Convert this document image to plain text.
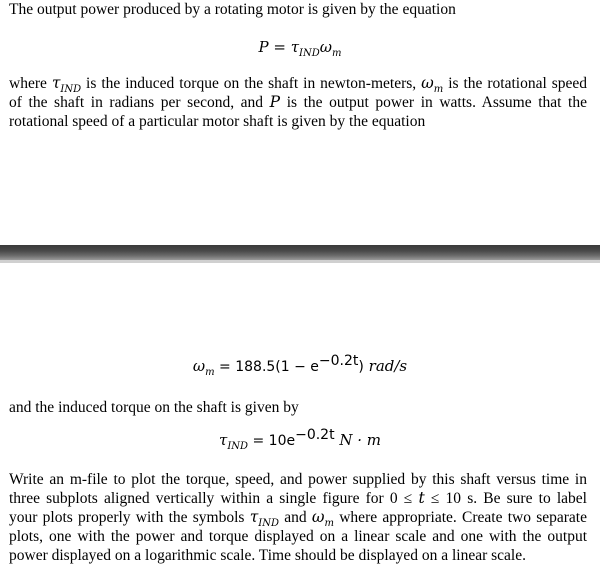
The output power produced by a rotating motor is given by the equation

$P = \tau_{IND}\omega_m$

where $\tau_{IND}$ is the induced torque on the shaft in newton-meters, $\omega_m$ is the rotational speed
of the shaft in radians per second, and P is the output power in watts. Assume that the
rotational speed of a particular motor shaft is given by the equation

$\omega_m = 188.5(1 - e^{-0.2t})$ rad/s

and the induced torque on the shaft is given by

$\tau_{IND} = 10e^{-0.2t}$ N · m

Write an m-file to plot the torque, speed, and power supplied by this shaft versus time in
three subplots aligned vertically within a single figure for 0 ≤ t ≤ 10 s. Be sure to label
your plots properly with the symbols $\tau_{IND}$ and $\omega_m$ where appropriate. Create two separate
plots, one with the power and torque displayed on a linear scale and one with the output
power displayed on a logarithmic scale. Time should be displayed on a linear scale.
